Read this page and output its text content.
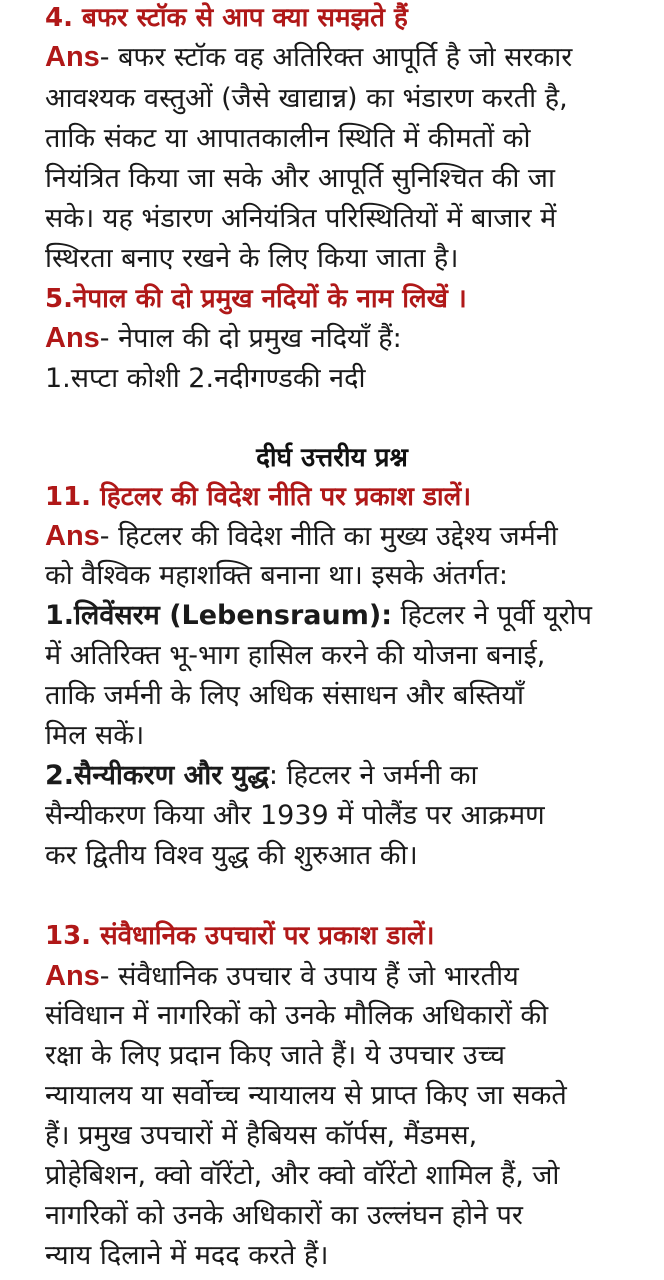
4. बफर स्टॉक से आप क्या समझते हैं
Ans- बफर स्टॉक वह अतिरिक्त आपूर्ति है जो सरकार
आवश्यक वस्तुओं (जैसे खाद्यान्न) का भंडारण करती है,
ताकि संकट या आपातकालीन स्थिति में कीमतों को
नियंत्रित किया जा सके और आपूर्ति सुनिश्चित की जा
सके। यह भंडारण अनियंत्रित परिस्थितियों में बाजार में
स्थिरता बनाए रखने के लिए किया जाता है।
5.नेपाल की दो प्रमुख नदियों के नाम लिखें ।
Ans- नेपाल की दो प्रमुख नदियाँ हैं:
1.सप्टा कोशी 2.नदीगण्डकी नदी
दीर्घ उत्तरीय प्रश्न
11. हिटलर की विदेश नीति पर प्रकाश डालें।
Ans- हिटलर की विदेश नीति का मुख्य उद्देश्य जर्मनी
को वैश्विक महाशक्ति बनाना था। इसके अंतर्गत:
1.लिवेंसरम (Lebensraum): हिटलर ने पूर्वी यूरोप
में अतिरिक्त भू-भाग हासिल करने की योजना बनाई,
ताकि जर्मनी के लिए अधिक संसाधन और बस्तियाँ
मिल सकें।
2.सैन्यीकरण और युद्ध: हिटलर ने जर्मनी का
सैन्यीकरण किया और 1939 में पोलैंड पर आक्रमण
कर द्वितीय विश्व युद्ध की शुरुआत की।
13. संवैधानिक उपचारों पर प्रकाश डालें।
Ans- संवैधानिक उपचार वे उपाय हैं जो भारतीय
संविधान में नागरिकों को उनके मौलिक अधिकारों की
रक्षा के लिए प्रदान किए जाते हैं। ये उपचार उच्च
न्यायालय या सर्वोच्च न्यायालय से प्राप्त किए जा सकते
हैं। प्रमुख उपचारों में हैबियस कॉर्पस, मैंडमस,
प्रोहेबिशन, क्वो वॉरेंटो, और क्वो वॉरेंटो शामिल हैं, जो
नागरिकों को उनके अधिकारों का उल्लंघन होने पर
न्याय दिलाने में मदद करते हैं।
